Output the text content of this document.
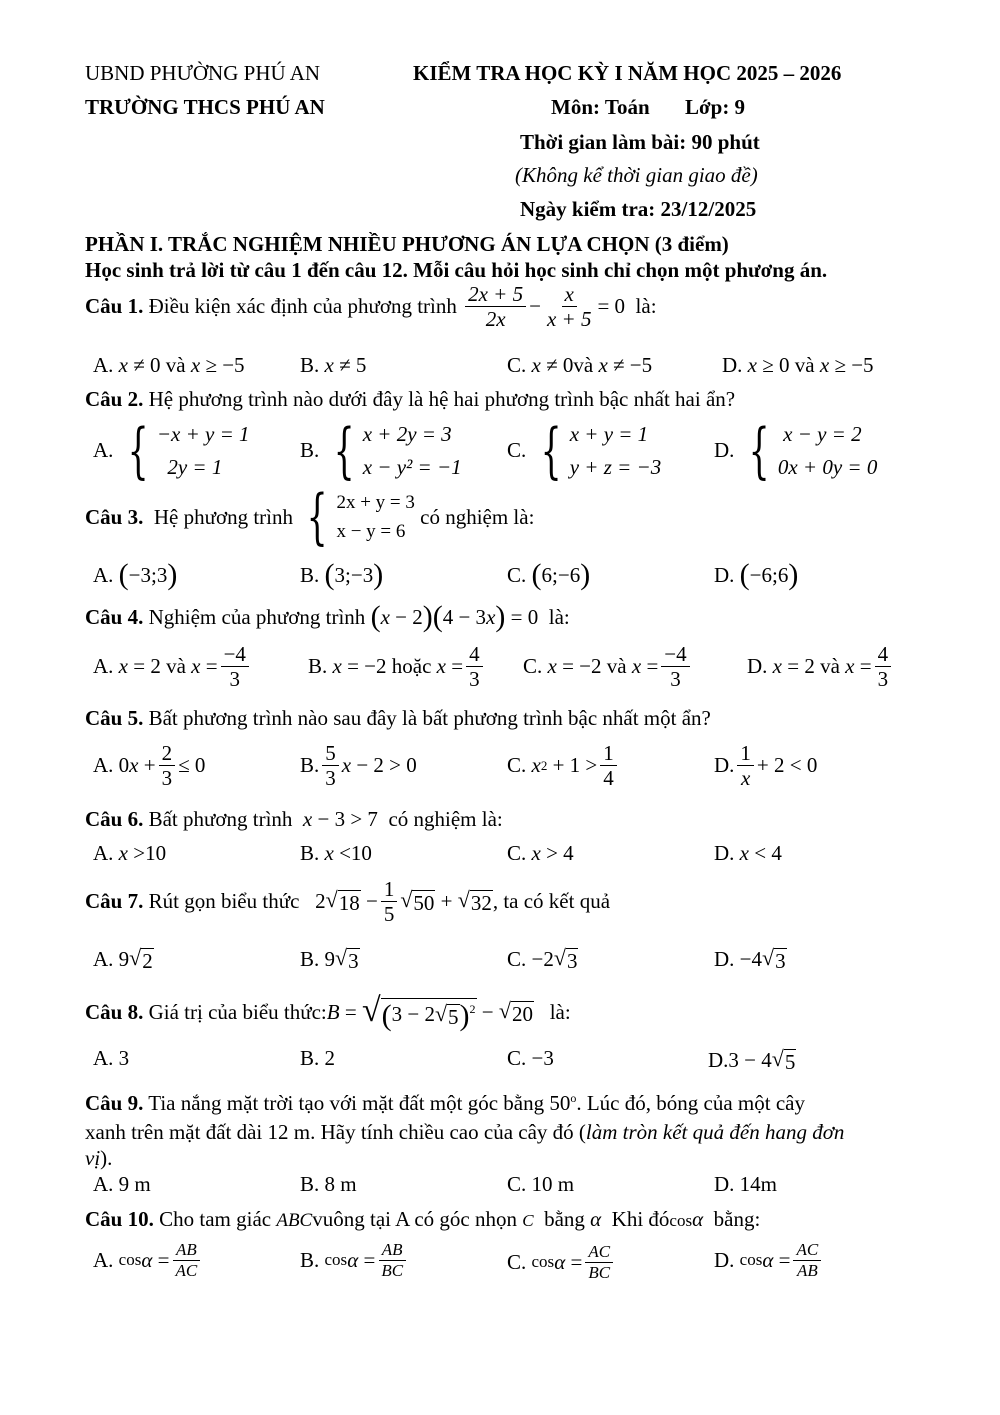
UBND PHƯỜNG PHÚ AN
TRƯỜNG THCS PHÚ AN
KIỂM TRA HỌC KỲ I NĂM HỌC 2025 – 2026
Môn: Toán Lớp: 9
Thời gian làm bài: 90 phút
(Không kể thời gian giao đề)
Ngày kiểm tra: 23/12/2025
PHẦN I. TRẮC NGHIỆM NHIỀU PHƯƠNG ÁN LỰA CHỌN (3 điểm)
Học sinh trả lời từ câu 1 đến câu 12. Mỗi câu hỏi học sinh chỉ chọn một phương án.
Câu 1.
Điều kiện xác định của phương trình
$\frac{2x + 5}{2x} - \frac{x}{x + 5} = 0$
là:
A.
x ≠ 0 và x ≥ −5	B.
x ≠ 5	C.
x ≠ 0và x ≠ −5	D.
x ≥ 0 và x ≥ −5
Câu 2. Hệ phương trình nào dưới đây là hệ hai phương trình bậc nhất hai ẩn?
A. { −x + y = 1
2y = 1
B. { x + 2y = 3
x − y² = −1
C. { x + y = 1
y + z = −3
D. { x − y = 2
0x + 0y = 0
Câu 3.
Hệ phương trình
{ 2x + y = 3
x − y = 6

có nghiệm là:
A. ( −3;3 )	B. ( 3;−3 )	C. ( 6;−6 )	D. ( −6;6 )
Câu 4.
Nghiệm của phương trình
( x − 2 )( 4 − 3 x ) = 0 là:
A. x = 2 và $x = \frac{-4}{3}$	B. x = −2 hoặc $x = \frac{4}{3} C$. x = −2 và $x = \frac{-4}{3}$	D. x = 2 và $x = \frac{4}{3}$
Câu 5. Bất phương trình nào sau đây là bất phương trình bậc nhất một ẩn?
A. 0 $x + \frac{2}{3} \le 0$	B. $\frac{5}{3}$ x − 2 > 0	C. x $2 + 1 > \frac{1}{4}$	D. $\frac{1}{x} + 2 < 0$
Câu 6. Bất phương trình x − 3 > 7  có nghiệm là:
A. x >10	B. x <10	C. x > 4	D. x < 4
Câu 7.
Rút gọn biểu thức 2 √ $18 - \frac{1}{5}$ √ 50 + √ 32 , ta có kết quả
A. 9 √ 2	B. 9 √ 3	C. −2 √ 3	D. −4 √ 3
Câu 8.
Giá trị của biểu thức: B = √ (3 − 2 √ 5 )$^2$ − √ 20
là:
A. 3	B. 2	C. −3	D.3 − 4 √ 5
Câu 9. Tia nắng mặt trời tạo với mặt đất một góc bằng 50$^o$. Lúc đó, bóng của một cây
xanh trên mặt đất dài 12 m. Hãy tính chiều cao của cây đó (làm tròn kết quả đến hang đơn
vị).
A. 9 m	B. 8 m	C. 10 m	D. 14m
Câu 10. Cho tam giác ABCvuông tại A có góc nhọn C bằng α Khi đócosα bằng:
A. $\cos \alpha = \frac{AB}{AC}$	B. $\cos \alpha = \frac{AB}{BC}$	C. $\cos \alpha = \frac{AC}{BC}$	D. $\cos \alpha = \frac{AC}{AB}$
